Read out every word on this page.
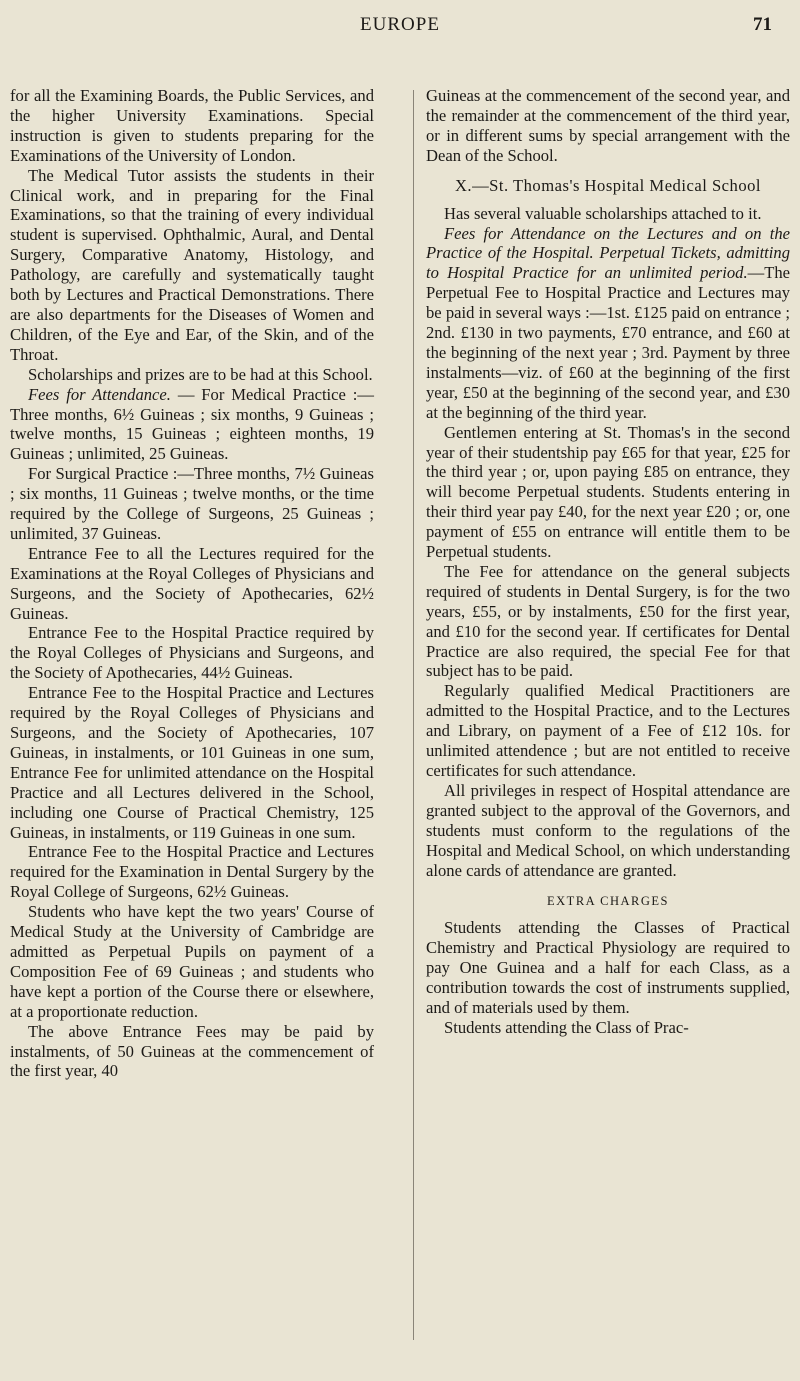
EUROPE	71

for all the Examining Boards, the Public Services, and the higher University Examinations. Special instruction is given to students preparing for the Examinations of the University of London.

The Medical Tutor assists the students in their Clinical work, and in preparing for the Final Examinations, so that the training of every individual student is supervised. Ophthalmic, Aural, and Dental Surgery, Comparative Anatomy, Histology, and Pathology, are carefully and systematically taught both by Lectures and Practical Demonstrations. There are also departments for the Diseases of Women and Children, of the Eye and Ear, of the Skin, and of the Throat.

Scholarships and prizes are to be had at this School.

Fees for Attendance. — For Medical Practice :—Three months, 6½ Guineas ; six months, 9 Guineas ; twelve months, 15 Guineas ; eighteen months, 19 Guineas ; unlimited, 25 Guineas.

For Surgical Practice :—Three months, 7½ Guineas ; six months, 11 Guineas ; twelve months, or the time required by the College of Surgeons, 25 Guineas ; unlimited, 37 Guineas.

Entrance Fee to all the Lectures required for the Examinations at the Royal Colleges of Physicians and Surgeons, and the Society of Apothecaries, 62½ Guineas.

Entrance Fee to the Hospital Practice required by the Royal Colleges of Physicians and Surgeons, and the Society of Apothecaries, 44½ Guineas.

Entrance Fee to the Hospital Practice and Lectures required by the Royal Colleges of Physicians and Surgeons, and the Society of Apothecaries, 107 Guineas, in instalments, or 101 Guineas in one sum, Entrance Fee for unlimited attendance on the Hospital Practice and all Lectures delivered in the School, including one Course of Practical Chemistry, 125 Guineas, in instalments, or 119 Guineas in one sum.

Entrance Fee to the Hospital Practice and Lectures required for the Examination in Dental Surgery by the Royal College of Surgeons, 62½ Guineas.

Students who have kept the two years' Course of Medical Study at the University of Cambridge are admitted as Perpetual Pupils on payment of a Composition Fee of 69 Guineas ; and students who have kept a portion of the Course there or elsewhere, at a proportionate reduction.

The above Entrance Fees may be paid by instalments, of 50 Guineas at the commencement of the first year, 40

Guineas at the commencement of the second year, and the remainder at the commencement of the third year, or in different sums by special arrangement with the Dean of the School.

X.—St. Thomas's Hospital Medical School

Has several valuable scholarships attached to it.

Fees for Attendance on the Lectures and on the Practice of the Hospital. Perpetual Tickets, admitting to Hospital Practice for an unlimited period.—The Perpetual Fee to Hospital Practice and Lectures may be paid in several ways :—1st. £125 paid on entrance ; 2nd. £130 in two payments, £70 entrance, and £60 at the beginning of the next year ; 3rd. Payment by three instalments—viz. of £60 at the beginning of the first year, £50 at the beginning of the second year, and £30 at the beginning of the third year.

Gentlemen entering at St. Thomas's in the second year of their studentship pay £65 for that year, £25 for the third year ; or, upon paying £85 on entrance, they will become Perpetual students. Students entering in their third year pay £40, for the next year £20 ; or, one payment of £55 on entrance will entitle them to be Perpetual students.

The Fee for attendance on the general subjects required of students in Dental Surgery, is for the two years, £55, or by instalments, £50 for the first year, and £10 for the second year. If certificates for Dental Practice are also required, the special Fee for that subject has to be paid.

Regularly qualified Medical Practitioners are admitted to the Hospital Practice, and to the Lectures and Library, on payment of a Fee of £12 10s. for unlimited attendence ; but are not entitled to receive certificates for such attendance.

All privileges in respect of Hospital attendance are granted subject to the approval of the Governors, and students must conform to the regulations of the Hospital and Medical School, on which understanding alone cards of attendance are granted.

EXTRA CHARGES

Students attending the Classes of Practical Chemistry and Practical Physiology are required to pay One Guinea and a half for each Class, as a contribution towards the cost of instruments supplied, and of materials used by them.

Students attending the Class of Prac-
